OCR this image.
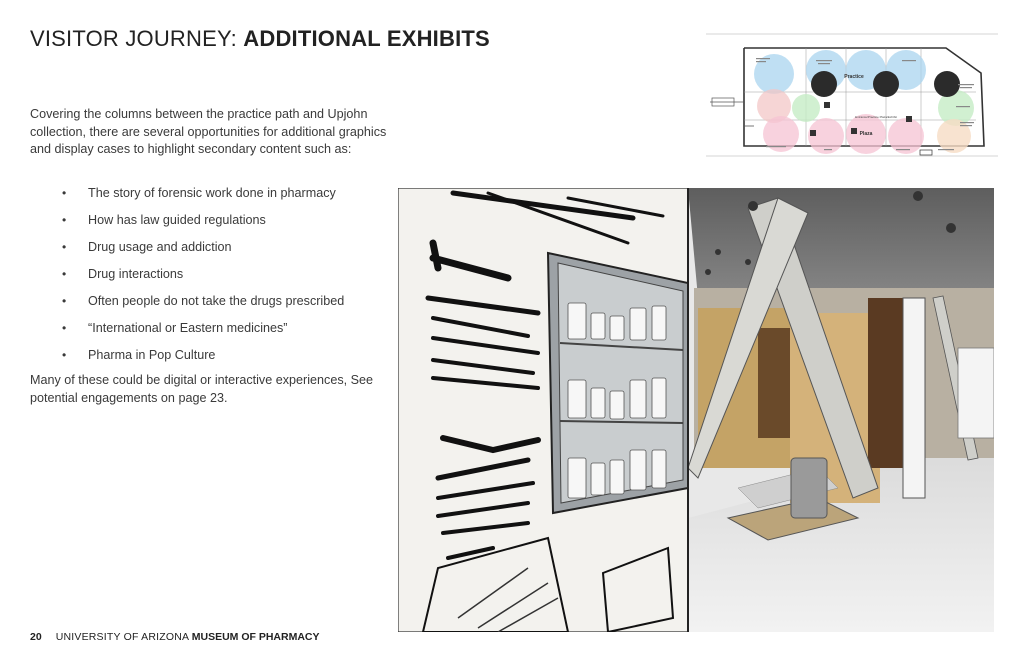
VISITOR JOURNEY: ADDITIONAL EXHIBITS
Covering the columns between the practice path and Upjohn collection, there are several opportunities for additional graphics and display cases to highlight secondary content such as:
• The story of forensic work done in pharmacy
• How has law guided regulations
• Drug usage and addiction
• Drug interactions
• Often people do not take the drugs prescribed
• “International or Eastern medicines”
• Pharma in Pop Culture
Many of these could be digital or interactive experiences, See potential engagements on page 23.
Practice
Plaza
Entrance/Practice Plaza/Exhibit
20 UNIVERSITY OF ARIZONA MUSEUM OF PHARMACY
